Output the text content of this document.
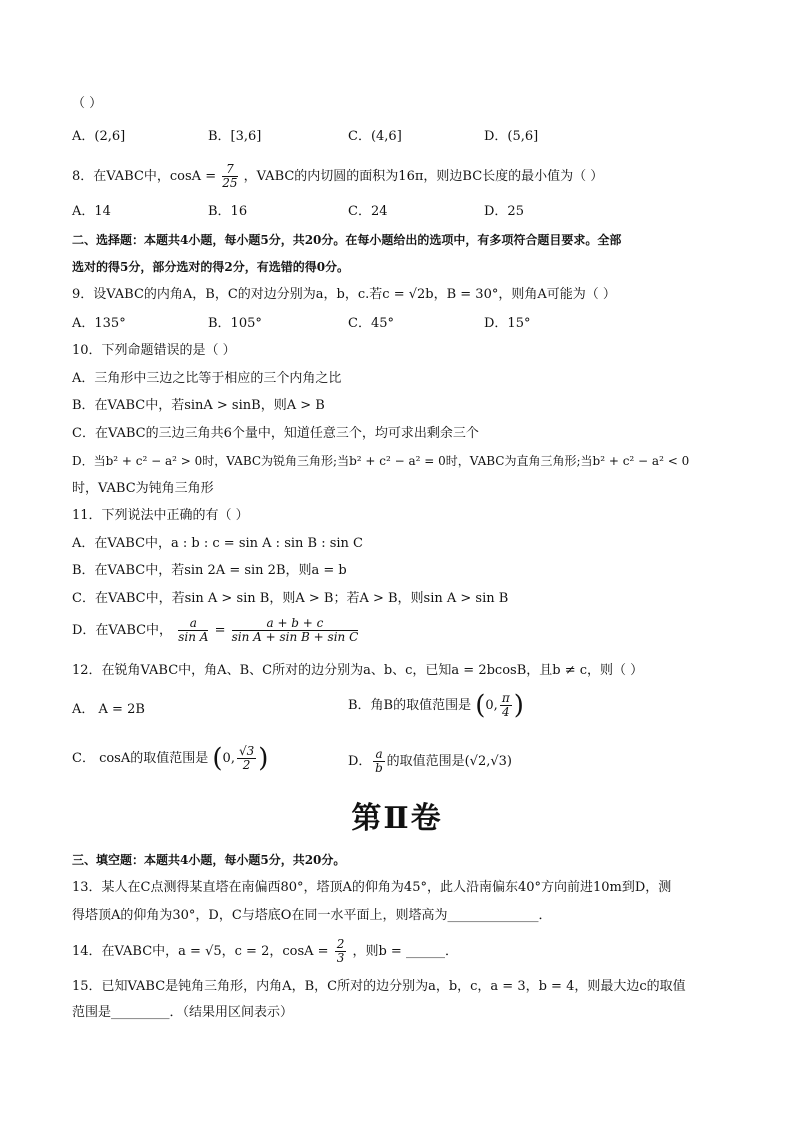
（ ）
A．(2,6]	B．[3,6]	C．(4,6]	D．(5,6]
8．在VABC中，$\cos A = \frac{7}{25}$ ，VABC的内切圆的面积为16π，则边BC长度的最小值为（ ）
A．14	B．16	C．24	D．25
二、选择题：本题共4小题，每小题5分，共20分。在每小题给出的选项中，有多项符合题目要求。全部
选对的得5分，部分选对的得2分，有选错的得0分。
9．设VABC的内角A，B，C的对边分别为a，b，c.若c = √2b，B = 30°，则角A可能为（ ）
A．135°	B．105°	C．45°	D．15°
10．下列命题错误的是（ ）
A．三角形中三边之比等于相应的三个内角之比
B．在VABC中，若sinA > sinB，则A > B
C．在VABC的三边三角共6个量中，知道任意三个，均可求出剩余三个
D．当b² + c² − a² > 0时，VABC为锐角三角形;当b² + c² − a² = 0时，VABC为直角三角形;当b² + c² − a² < 0
时，VABC为钝角三角形
11．下列说法中正确的有（ ）
A．在VABC中，a : b : c = sin A : sin B : sin C
B．在VABC中，若sin 2A = sin 2B，则a = b
C．在VABC中，若sin A > sin B，则A > B；若A > B，则sin A > sin B
D．在VABC中， $\frac{a}{\text{sin A}} = \frac{a + b + c}{\text{sin A + sin B + sin C}}$
12．在锐角VABC中，角A、B、C所对的边分别为a、b、c，已知a = 2bcosB，且b ≠ c，则（ ）
A． A = 2B	B．角B的取值范围是 (0, $\frac{\pi}{4}$ )
C． cosA的取值范围是 (0, $\frac{√3}{2}$ )	D． $\frac{a}{b}$ 的取值范围是(√2,√3)
第Ⅱ卷
三、填空题：本题共4小题，每小题5分，共20分。
13．某人在C点测得某直塔在南偏西80°，塔顶A的仰角为45°，此人沿南偏东40°方向前进10m到D，测
得塔顶A的仰角为30°，D，C与塔底O在同一水平面上，则塔高为______________．
14．在VABC中，a = √5，c = 2，$\cos A = \frac{2}{3}$ ，则b = ______．
15．已知VABC是钝角三角形，内角A，B，C所对的边分别为a，b，c，a = 3，b = 4，则最大边c的取值
范围是_________．（结果用区间表示）
